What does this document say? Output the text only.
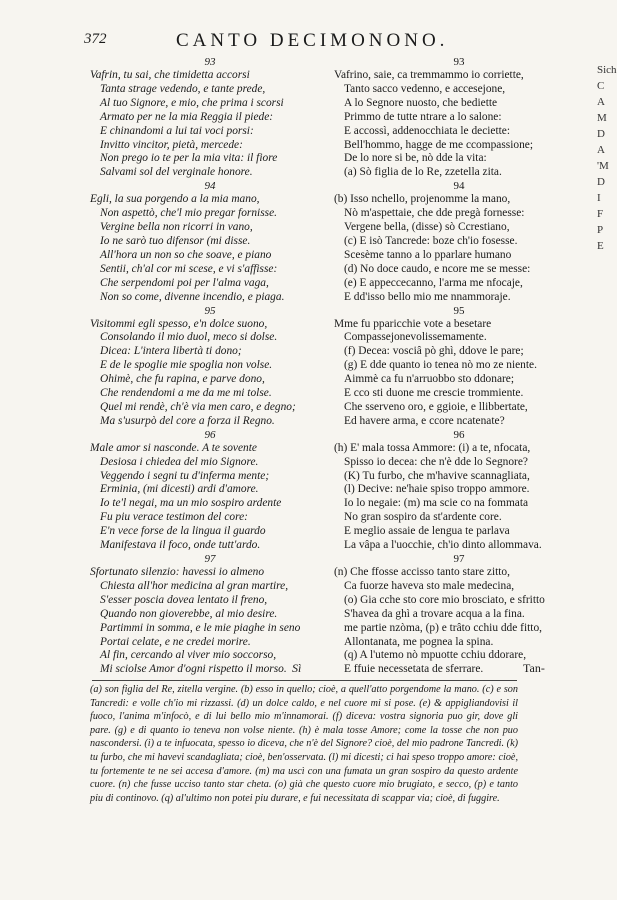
372	CANTO DECIMONONO.
93
Vafrin, tu sai, che timidetta accorsi
Tanta strage vedendo, e tante prede,
Al tuo Signore, e mio, che prima i scorsi
Armato per ne la mia Reggia il piede:
E chinandomi a lui tai voci porsi:
Invitto vincitor, pietà, mercede:
Non prego io te per la mia vita: il fiore
Salvami sol del verginale honore.
94
Egli, la sua porgendo a la mia mano,
Non aspettò, che'l mio pregar fornisse.
Vergine bella non ricorri in vano,
Io ne sarò tuo difensor (mi disse.
All'hora un non so che soave, e piano
Sentii, ch'al cor mi scese, e vi s'affisse:
Che serpendomi poi per l'alma vaga,
Non so come, divenne incendio, e piaga.
95
Visitommi egli spesso, e'n dolce suono,
Consolando il mio duol, meco si dolse.
Dicea: L'intera libertà ti dono;
E de le spoglie mie spoglia non volse.
Ohimè, che fu rapina, e parve dono,
Che rendendomi a me da me mi tolse.
Quel mi rendè, ch'è via men caro, e degno;
Ma s'usurpò del core a forza il Regno.
96
Male amor si nasconde. A te sovente
Desiosa i chiedea del mio Signore.
Veggendo i segni tu d'inferma mente;
Erminia, (mi dicesti) ardi d'amore.
Io te'l negai, ma un mio sospiro ardente
Fu piu verace testimon del core:
E'n vece forse de la lingua il guardo
Manifestava il foco, onde tutt'ardo.
97
Sfortunato silenzio: havessi io almeno
Chiesta all'hor medicina al gran martire,
S'esser poscia dovea lentato il freno,
Quando non gioverebbe, al mio desire.
Partimmi in somma, e le mie piaghe in seno
Portai celate, e ne credei morire.
Al fin, cercando al viver mio soccorso,
Mi sciolse Amor d'ogni rispetto il morso.
93
Vafrino, saie, ca tremmammo io corriette,
Tanto sacco vedenno, e accesejone,
A lo Segnore nuosto, che bediette
Primmo de tutte ntrare a lo salone:
E accossì, addenocchiata le deciette:
Bell'hommo, hagge de me ccompassione;
De lo nore si be, nò dde la vita:
(a) Sò figlia de lo Re, zzetella zita.
94
(b) Isso nchello, projenomme la mano,
Nò m'aspettaie, che dde pregà fornesse:
Vergene bella, (disse) sò Ccrestiano,
(c) E isò Tancrede: boze ch'io fosesse.
Scesème tanno a lo pparlare humano
(d) No doce caudo, e ncore me se messe:
(e) E appeccecanno, l'arma me nfocaje,
E dd'isso bello mio me nnammoraje.
95
Mme fu pparicchie vote a besetare
Compassejonevolissemamente.
(f) Decea: vosciâ pò ghì, ddove le pare;
(g) E dde quanto io tenea nò mo ze niente.
Aimmè ca fu n'arruobbo sto ddonare;
E cco sti duone me crescie trommiente.
Che sserveno oro, e ggioie, e llibbertate,
Ed havere arma, e ccore ncatenate?
96
(h) E' mala tossa Ammore: (i) a te, nfocata,
Spisso io decea: che n'è dde lo Segnore?
(K) Tu furbo, che m'havive scannagliata,
(l) Decive: ne'haie spiso troppo ammore.
Io lo negaie: (m) ma scie co na fommata
No gran sospiro da st'ardente core.
E meglio assaie de lengua te parlava
La vâpa a l'uocchie, ch'io dinto allommava.
97
(n) Che ffosse accisso tanto stare zitto,
Ca fuorze haveva sto male medecina,
(o) Gia cche sto core mio brosciato, e sfritto
S'havea da ghì a trovare acqua a la fina.
me partie nzòma, (p) e trâto cchiu dde fitto,
Allontanata, me pognea la spina.
(q) A l'utemo nò mpuotte cchiu ddorare,
E ffuie necessetata de sferrare.
Sì	Tan-
(a) son figlia del Re, zitella vergine. (b) esso in quello; cioè, a quell'atto porgendome la mano. (c) e son Tancredi: e volle ch'io mi rizzassi. (d) un dolce caldo, e nel cuore mi si pose. (e) & appigliandovisi il fuoco, l'anima m'infocò, e di lui bello mio m'innamorai. (f) diceva: vostra signoria puo gir, dove gli pare. (g) e di quanto io teneva non volse niente. (h) è mala tosse Amore; come la tosse che non puo nascondersi. (i) a te infuocata, spesso io diceva, che n'è del Signore? cioè, del mio padrone Tancredi. (k) tu furbo, che mi havevi scandagliata; cioè, ben'osservata. (l) mi dicesti; ci hai speso troppo amore: cioè, tu fortemente te ne sei accesa d'amore. (m) ma uscì con una fumata un gran sospiro da questo ardente cuore. (n) che fusse ucciso tanto star cheta. (o) già che questo cuore mio brugiato, e secco, (p) e tanto piu di continovo. (q) al'ultimo non potei piu durare, e fui necessitata di scappar via; cioè, di fuggire.
Sich
C
A
M
D
A
'M
D
I
F
P
E
